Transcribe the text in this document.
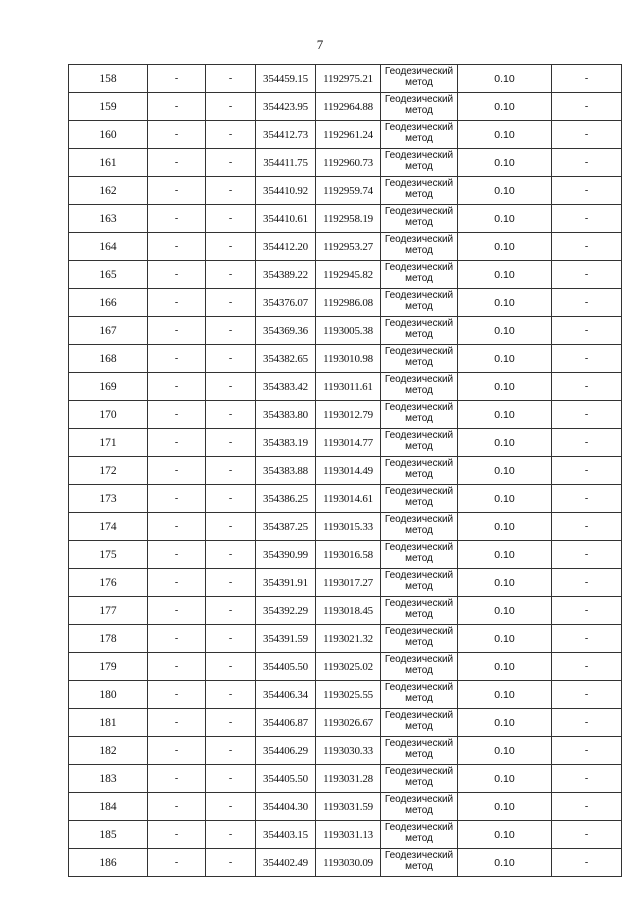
7
158	-	-	354459.15	1192975.21	Геодезический метод	0.10	-
159	-	-	354423.95	1192964.88	Геодезический метод	0.10	-
160	-	-	354412.73	1192961.24	Геодезический метод	0.10	-
161	-	-	354411.75	1192960.73	Геодезический метод	0.10	-
162	-	-	354410.92	1192959.74	Геодезический метод	0.10	-
163	-	-	354410.61	1192958.19	Геодезический метод	0.10	-
164	-	-	354412.20	1192953.27	Геодезический метод	0.10	-
165	-	-	354389.22	1192945.82	Геодезический метод	0.10	-
166	-	-	354376.07	1192986.08	Геодезический метод	0.10	-
167	-	-	354369.36	1193005.38	Геодезический метод	0.10	-
168	-	-	354382.65	1193010.98	Геодезический метод	0.10	-
169	-	-	354383.42	1193011.61	Геодезический метод	0.10	-
170	-	-	354383.80	1193012.79	Геодезический метод	0.10	-
171	-	-	354383.19	1193014.77	Геодезический метод	0.10	-
172	-	-	354383.88	1193014.49	Геодезический метод	0.10	-
173	-	-	354386.25	1193014.61	Геодезический метод	0.10	-
174	-	-	354387.25	1193015.33	Геодезический метод	0.10	-
175	-	-	354390.99	1193016.58	Геодезический метод	0.10	-
176	-	-	354391.91	1193017.27	Геодезический метод	0.10	-
177	-	-	354392.29	1193018.45	Геодезический метод	0.10	-
178	-	-	354391.59	1193021.32	Геодезический метод	0.10	-
179	-	-	354405.50	1193025.02	Геодезический метод	0.10	-
180	-	-	354406.34	1193025.55	Геодезический метод	0.10	-
181	-	-	354406.87	1193026.67	Геодезический метод	0.10	-
182	-	-	354406.29	1193030.33	Геодезический метод	0.10	-
183	-	-	354405.50	1193031.28	Геодезический метод	0.10	-
184	-	-	354404.30	1193031.59	Геодезический метод	0.10	-
185	-	-	354403.15	1193031.13	Геодезический метод	0.10	-
186	-	-	354402.49	1193030.09	Геодезический метод	0.10	-
